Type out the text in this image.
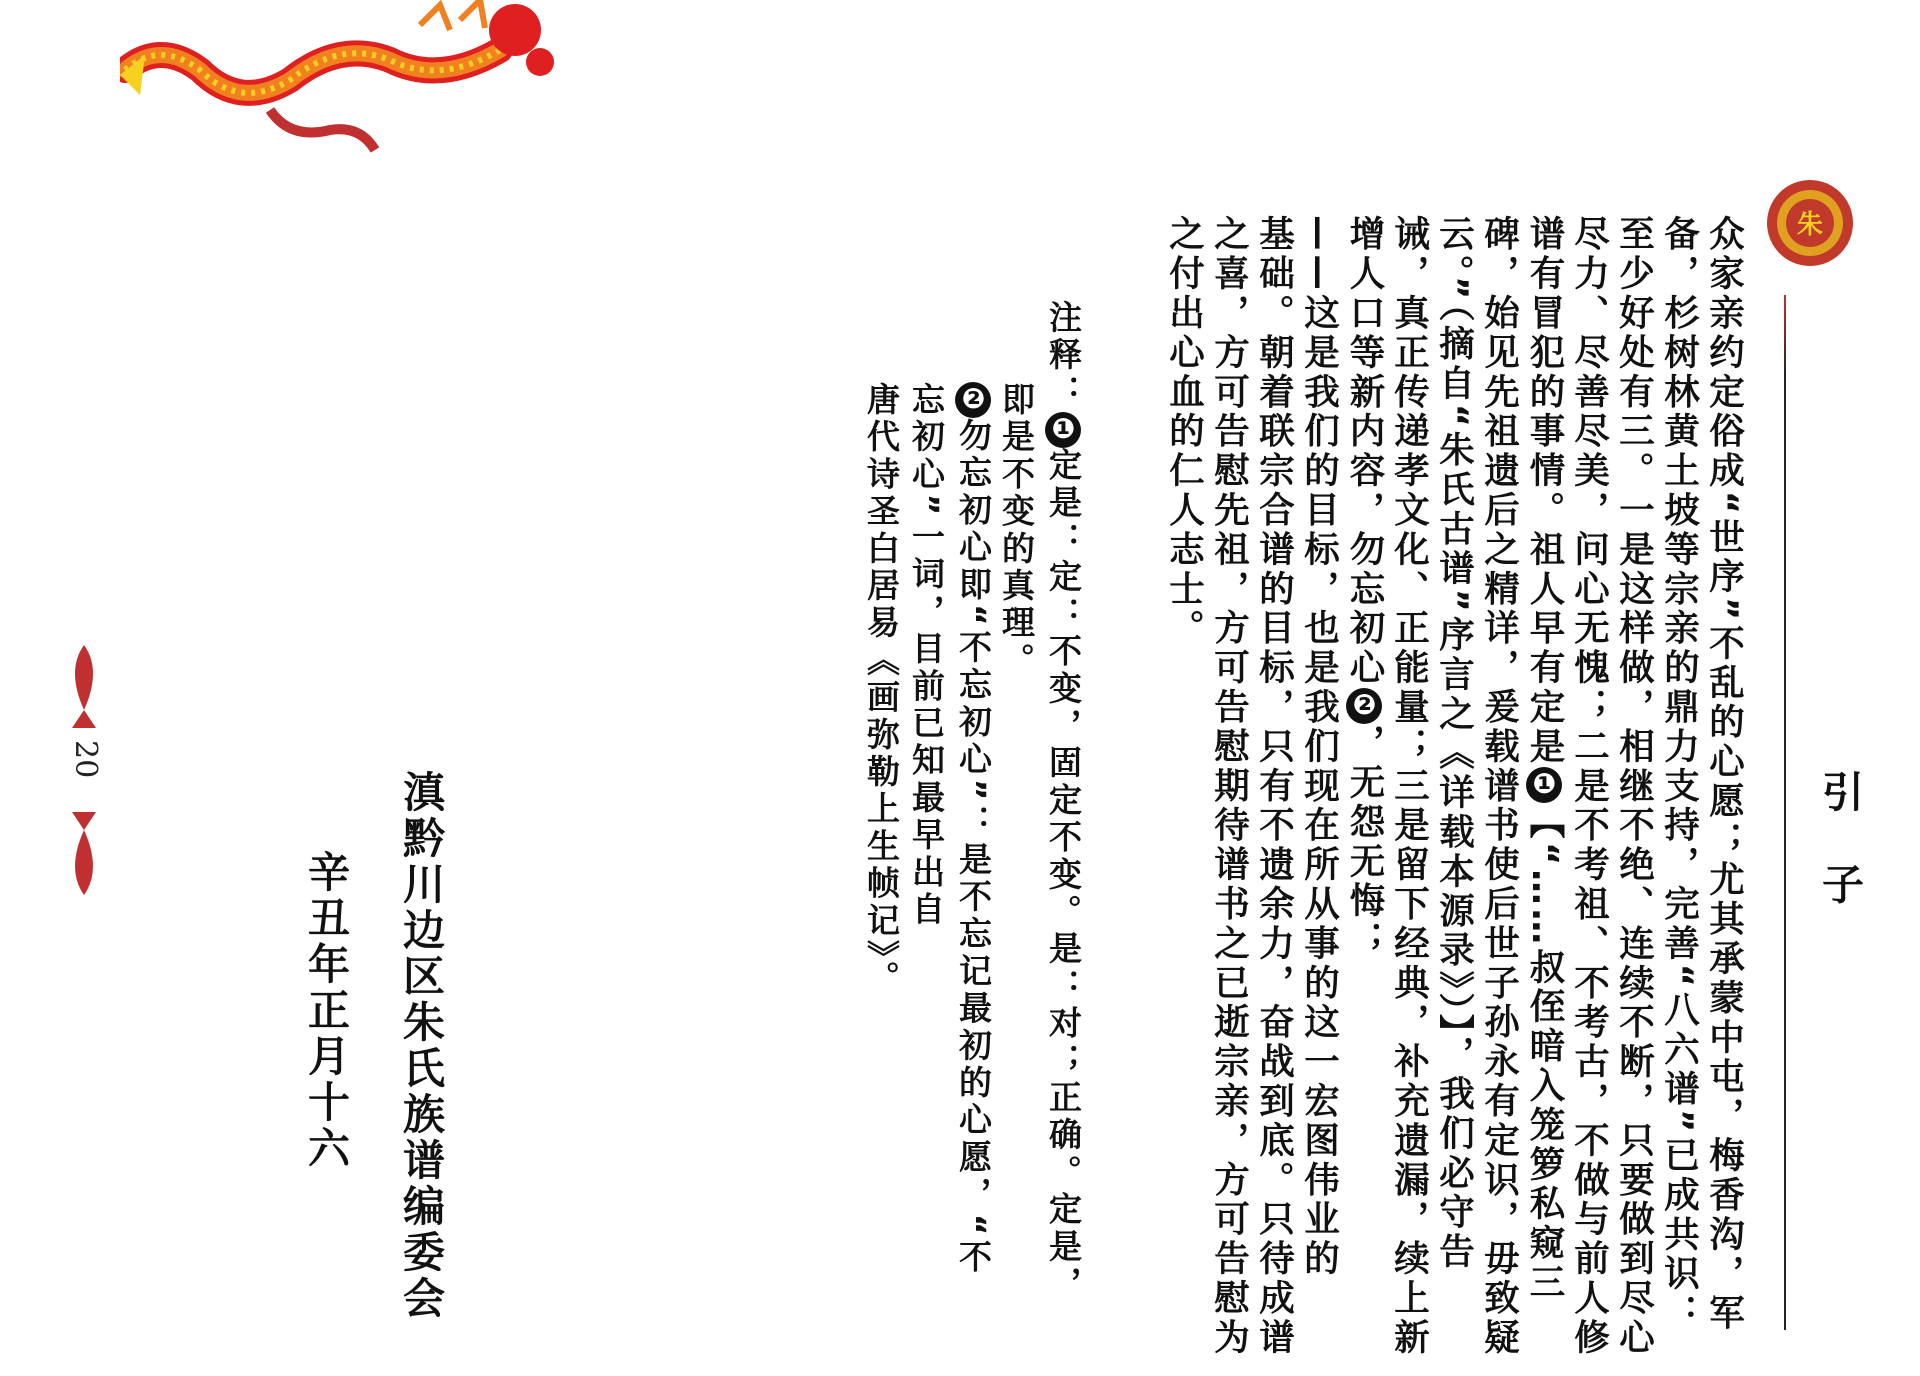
朱
引 子
众家亲约定俗成“世序”不乱的心愿；尤其承蒙中屯，梅香沟，军
备，杉树林黄土坡等宗亲的鼎力支持，完善“八六谱”已成共识：
至少好处有三。一是这样做，相继不绝、连续不断，只要做到尽心
尽力、尽善尽美，问心无愧；二是不考祖、不考古，不做与前人修
谱有冒犯的事情。祖人早有定是❶【“……叔侄暗入笼箩私窥三
碑，始见先祖遗后之精详，爰载谱书使后世子孙永有定识，毋致疑
云。”（摘自“朱氏古谱”序言之《详载本源录》）】，我们必守告
诫，真正传递孝文化、正能量；三是留下经典，补充遗漏，续上新
增人口等新内容，勿忘初心❷，无怨无悔；
——这是我们的目标，也是我们现在所从事的这一宏图伟业的
基础。朝着联宗合谱的目标，只有不遗余力，奋战到底。只待成谱
之喜，方可告慰先祖，方可告慰期待谱书之已逝宗亲，方可告慰为
之付出心血的仁人志士。
注释：❶定是：定：不变，固定不变。是：对；正确。定是，
即是不变的真理。
❷勿忘初心即“不忘初心”：是不忘记最初的心愿，“不
忘初心”一词，目前已知最早出自
唐代诗圣白居易《画弥勒上生帧记》。
滇黔川边区朱氏族谱编委会
辛丑年正月十六
20
